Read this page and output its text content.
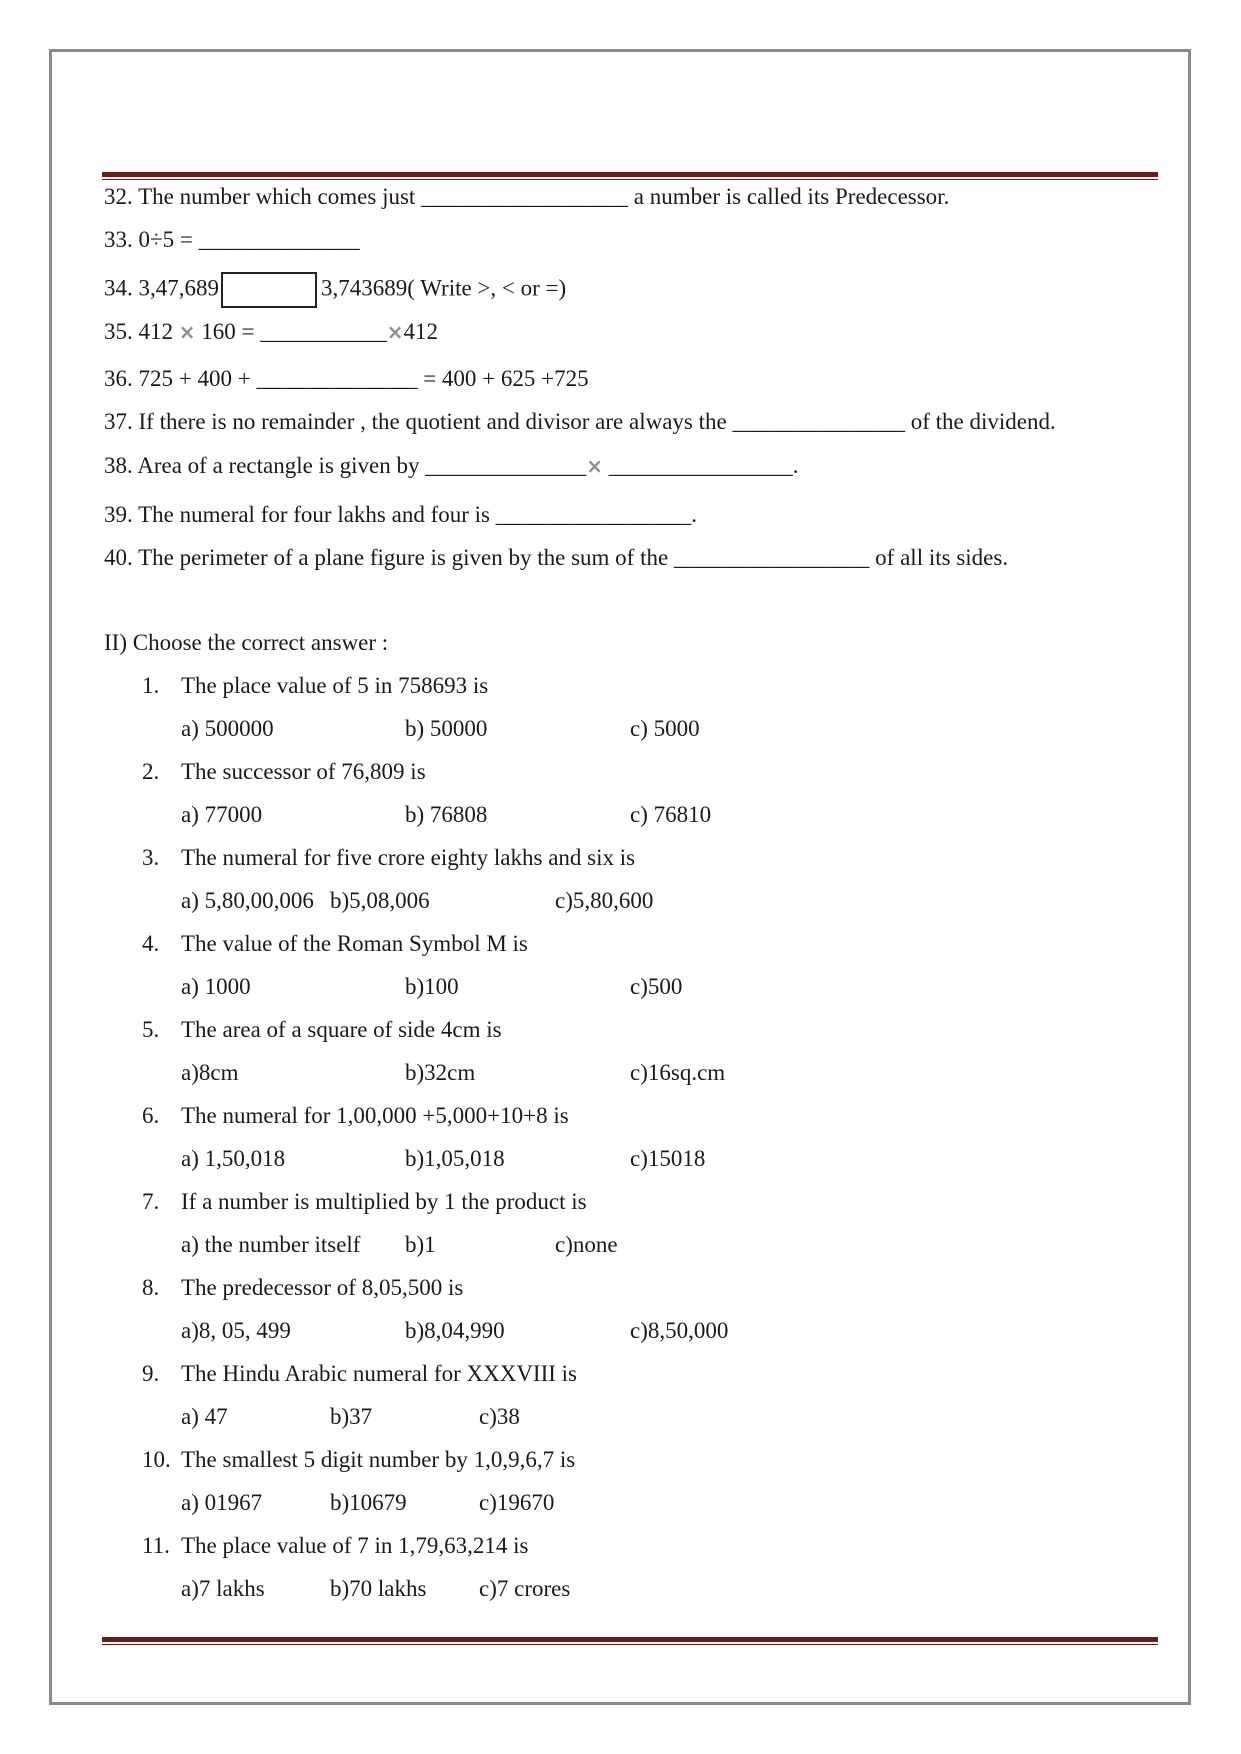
32. The number which comes just __________________ a number is called its Predecessor.
33. 0÷5 = ______________
34. 3,47,689	3,743689( Write >, < or =)
35. 412 × 160 = ___________×412
36. 725 + 400 + ______________ = 400 + 625 +725
37. If there is no remainder , the quotient and divisor are always the _______________ of the dividend.
38. Area of a rectangle is given by ______________× ________________.
39. The numeral for four lakhs and four is _________________.
40. The perimeter of a plane figure is given by the sum of the _________________ of all its sides.
II) Choose the correct answer :
1. The place value of 5 in 758693 is
a) 500000	b) 50000	c) 5000
2. The successor of 76,809 is
a) 77000	b) 76808	c) 76810
3. The numeral for five crore eighty lakhs and six is
a) 5,80,00,006 b)5,08,006	c)5,80,600
4. The value of the Roman Symbol M is
a) 1000	b)100	c)500
5. The area of a square of side 4cm is
a)8cm	b)32cm	c)16sq.cm
6. The numeral for 1,00,000 +5,000+10+8 is
a) 1,50,018	b)1,05,018	c)15018
7. If a number is multiplied by 1 the product is
a) the number itself b)1	c)none
8. The predecessor of 8,05,500 is
a)8, 05, 499	b)8,04,990	c)8,50,000
9. The Hindu Arabic numeral for XXXVIII is
a) 47	b)37	c)38
10. The smallest 5 digit number by 1,0,9,6,7 is
a) 01967	b)10679	c)19670
11. The place value of 7 in 1,79,63,214 is
a)7 lakhs	b)70 lakhs c)7 crores
